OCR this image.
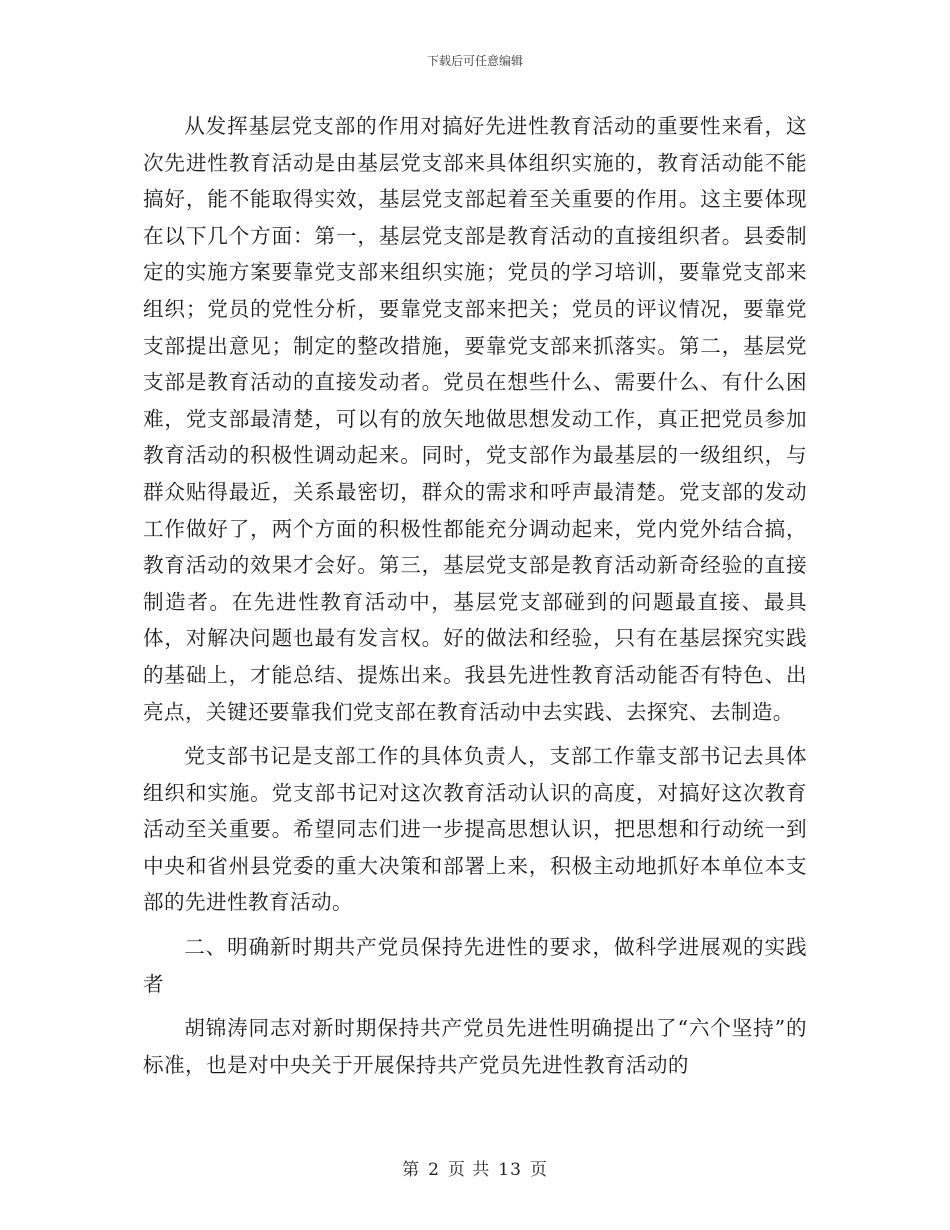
下载后可任意编辑

从发挥基层党支部的作用对搞好先进性教育活动的重要性来看，这次先进性教育活动是由基层党支部来具体组织实施的，教育活动能不能搞好，能不能取得实效，基层党支部起着至关重要的作用。这主要体现在以下几个方面：第一，基层党支部是教育活动的直接组织者。县委制定的实施方案要靠党支部来组织实施；党员的学习培训，要靠党支部来组织；党员的党性分析，要靠党支部来把关；党员的评议情况，要靠党支部提出意见；制定的整改措施，要靠党支部来抓落实。第二，基层党支部是教育活动的直接发动者。党员在想些什么、需要什么、有什么困难，党支部最清楚，可以有的放矢地做思想发动工作，真正把党员参加教育活动的积极性调动起来。同时，党支部作为最基层的一级组织，与群众贴得最近，关系最密切，群众的需求和呼声最清楚。党支部的发动工作做好了，两个方面的积极性都能充分调动起来，党内党外结合搞，教育活动的效果才会好。第三，基层党支部是教育活动新奇经验的直接制造者。在先进性教育活动中，基层党支部碰到的问题最直接、最具体，对解决问题也最有发言权。好的做法和经验，只有在基层探究实践的基础上，才能总结、提炼出来。我县先进性教育活动能否有特色、出亮点，关键还要靠我们党支部在教育活动中去实践、去探究、去制造。

党支部书记是支部工作的具体负责人，支部工作靠支部书记去具体组织和实施。党支部书记对这次教育活动认识的高度，对搞好这次教育活动至关重要。希望同志们进一步提高思想认识，把思想和行动统一到中央和省州县党委的重大决策和部署上来，积极主动地抓好本单位本支部的先进性教育活动。

二、明确新时期共产党员保持先进性的要求，做科学进展观的实践者

胡锦涛同志对新时期保持共产党员先进性明确提出了“六个坚持”的标准，也是对中央关于开展保持共产党员先进性教育活动的

第 2 页 共 13 页
